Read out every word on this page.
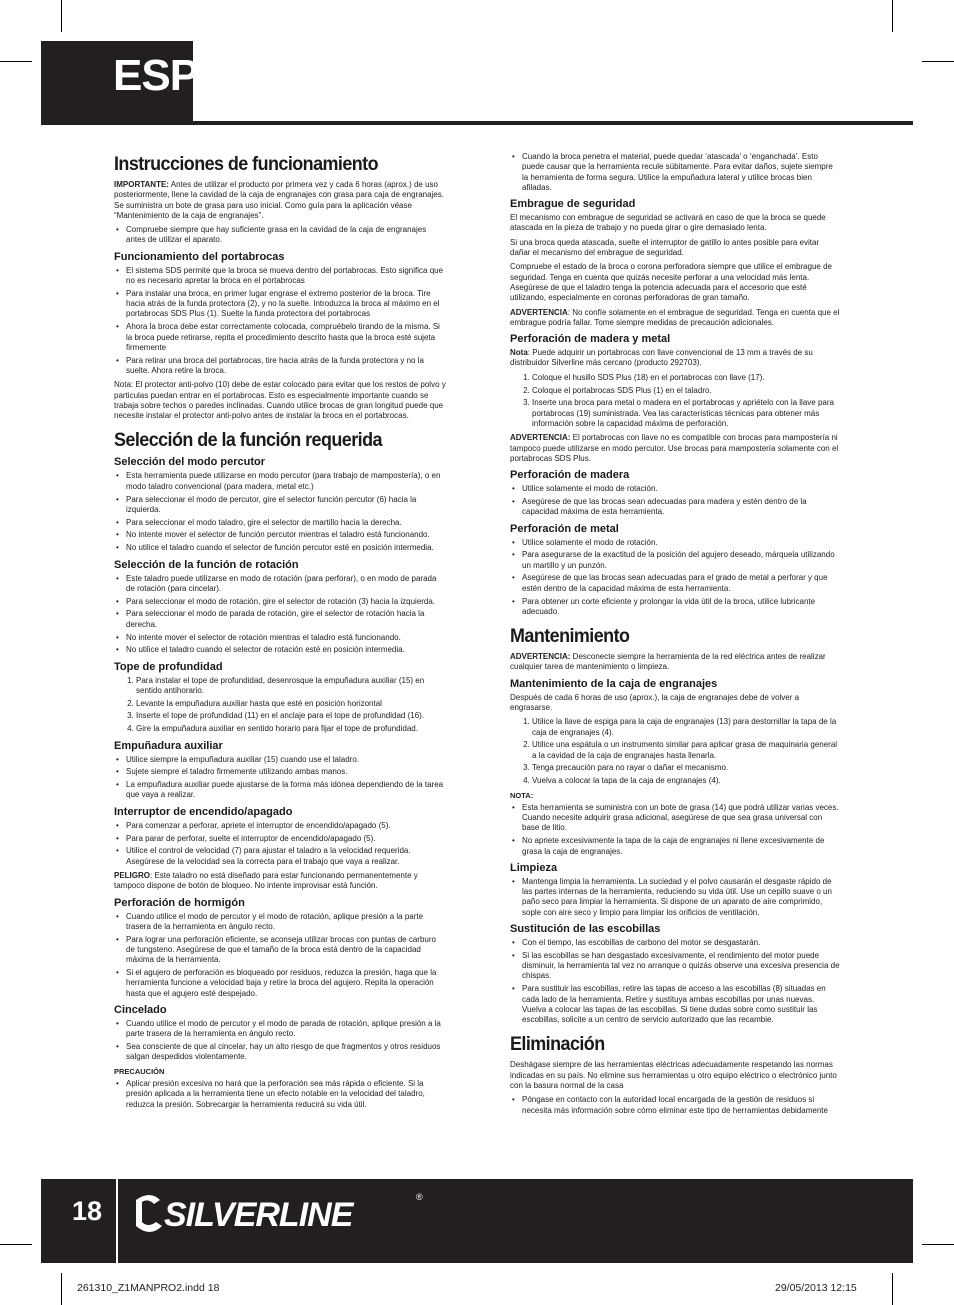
ESP
Instrucciones de funcionamiento

IMPORTANTE: Antes de utilizar el producto por primera vez y cada 6 horas (aprox.) de uso posteriormente, llene la cavidad de la caja de engranajes con grasa para caja de engranajes. Se suministra un bote de grasa para uso inicial. Como guía para la aplicación véase “Mantenimiento de la caja de engranajes”.

• Compruebe siempre que hay suficiente grasa en la cavidad de la caja de engranajes antes de utilizar el aparato.
Funcionamiento del portabrocas
• El sistema SDS permite que la broca se mueva dentro del portabrocas. Esto significa que no es necesario apretar la broca en el portabrocas
• Para instalar una broca, en primer lugar engrase el extremo posterior de la broca. Tire hacia atrás de la funda protectora (2), y no la suelte. Introduzca la broca al máximo en el portabrocas SDS Plus (1). Suelte la funda protectora del portabrocas
• Ahora la broca debe estar correctamente colocada, compruébelo tirando de la misma. Si la broca puede retirarse, repita el procedimiento descrito hasta que la broca esté sujeta firmemente
• Para retirar una broca del portabrocas, tire hacia atrás de la funda protectora y no la suelte. Ahora retire la broca.

Nota: El protector anti-polvo (10) debe de estar colocado para evitar que los restos de polvo y particulas puedan entrar en el portabrocas. Esto es especialmente importante cuando se trabaja sobre techos o paredes inclinadas. Cuando utilice brocas de gran longitud puede que necesite instalar el protector anti-polvo antes de instalar la broca en el portabrocas.

Selección de la función requerida
Selección del modo percutor
• Esta herramienta puede utilizarse en modo percutor (para trabajo de mampostería), o en modo taladro convencional (para madera, metal etc.)
• Para seleccionar el modo de percutor, gire el selector función percutor (6) hacia la izquierda.
• Para seleccionar el modo taladro, gire el selector de martillo hacia la derecha.
• No intente mover el selector de función percutor mientras el taladro está funcionando.
• No utilice el taladro cuando el selector de función percutor esté en posición intermedia.
Selección de la función de rotación
• Este taladro puede utilizarse en modo de rotación (para perforar), o en modo de parada de rotación (para cincelar).
• Para seleccionar el modo de rotación, gire el selector de rotación (3) hacia la izquierda.
• Para seleccionar el modo de parada de rotación, gire el selector de rotación hacia la derecha.
• No intente mover el selector de rotación mientras el taladro está funcionando.
• No utilice el taladro cuando el selector de rotación esté en posición intermedia.
Tope de profundidad
1. Para instalar el tope de profundidad, desenrosque la empuñadura auxiliar (15) en sentido antihorario.
2. Levante la empuñadura auxiliar hasta que esté en posición horizontal
3. Inserte el tope de profundidad (11) en el anclaje para el tope de profundidad (16).
4. Gire la empuñadura auxiliar en sentido horario para fijar el tope de profundidad.
Empuñadura auxiliar
• Utilice siempre la empuñadura auxiliar (15) cuando use el taladro.
• Sujete siempre el taladro firmemente utilizando ambas manos.
• La empuñadura auxiliar puede ajustarse de la forma más idónea dependiendo de la tarea que vaya a realizar.
Interruptor de encendido/apagado
• Para comenzar a perforar, apriete el interruptor de encendido/apagado (5).
• Para parar de perforar, suelte el interruptor de encendido/apagado (5).
• Utilice el control de velocidad (7) para ajustar el taladro a la velocidad requerida. Asegúrese de la velocidad sea la correcta para el trabajo que vaya a realizar.

PELIGRO: Este taladro no está diseñado para estar funcionando permanentemente y tampoco dispone de botón de bloqueo. No intente improvisar está función.

Perforación de hormigón
• Cuando utilice el modo de percutor y el modo de rotación, aplique presión a la parte trasera de la herramienta en ángulo recto.
• Para lograr una perforación eficiente, se aconseja utilizar brocas con puntas de carburo de tungsteno. Asegúrese de que el tamaño de la broca está dentro de la capacidad máxima de la herramienta.
• Si el agujero de perforación es bloqueado por residuos, reduzca la presión, haga que la herramienta funcione a velocidad baja y retire la broca del agujero. Repita la operación hasta que el agujero esté despejado.
Cincelado
• Cuando utilice el modo de percutor y el modo de parada de rotación, aplique presión a la parte trasera de la herramienta en ángulo recto.
• Sea consciente de que al cincelar, hay un alto riesgo de que fragmentos y otros residuos salgan despedidos violentamente.
PRECAUCIÓN
• Aplicar presión excesiva no hará que la perforación sea más rápida o eficiente. Si la presión aplicada a la herramienta tiene un efecto notable en la velocidad del taladro, reduzca la presión. Sobrecargar la herramienta reducirá su vida útil.
• Cuando la broca penetra el material, puede quedar ‘atascada’ o ‘enganchada’. Esto puede causar que la herramienta recule súbitamente. Para evitar daños, sujete siempre la herramienta de forma segura. Utilice la empuñadura lateral y utilice brocas bien afiladas.
Embrague de seguridad

El mecanismo con embrague de seguridad se activará en caso de que la broca se quede atascada en la pieza de trabajo y no pueda girar o gire demasiado lenta.

Si una broca queda atascada, suelte el interruptor de gatillo lo antes posible para evitar dañar el mecanismo del embrague de seguridad.

Compruebe el estado de la broca o corona perforadora siempre que utilice el embrague de seguridad. Tenga en cuenta que quizás necesite perforar a una velocidad más lenta. Asegúrese de que el taladro tenga la potencia adecuada para el accesorio que esté utilizando, especialmente en coronas perforadoras de gran tamaño.

ADVERTENCIA: No confíe solamente en el embrague de seguridad. Tenga en cuenta que el embrague podría fallar. Tome siempre medidas de precaución adicionales.

Perforación de madera y metal

Nota: Puede adquirir un portabrocas con llave convencional de 13 mm a través de su distribuidor Silverline más cercano (producto 292703).

1. Coloque el husillo SDS Plus (18) en el portabrocas con llave (17).
2. Coloque el portabrocas SDS Plus (1) en el taladro.
3. Inserte una broca para metal o madera en el portabrocas y apriételo con la llave para portabrocas (19) suministrada. Vea las características técnicas para obtener más información sobre la capacidad máxima de perforación.

ADVERTENCIA: El portabrocas con llave no es compatible con brocas para mampostería ni tampoco puede utilizarse en modo percutor. Use brocas para mampostería solamente con el portabrocas SDS Plus.

Perforación de madera
• Utilice solamente el modo de rotación.
• Asegúrese de que las brocas sean adecuadas para madera y estén dentro de la capacidad máxima de esta herramienta.
Perforación de metal
• Utilice solamente el modo de rotación.
• Para asegurarse de la exactitud de la posición del agujero deseado, márquela utilizando un martillo y un punzón.
• Asegúrese de que las brocas sean adecuadas para el grado de metal a perforar y que estén dentro de la capacidad máxima de esta herramienta.
• Para obtener un corte eficiente y prolongar la vida útil de la broca, utilice lubricante adecuado.
Mantenimiento

ADVERTENCIA: Desconecte siempre la herramienta de la red eléctrica antes de realizar cualquier tarea de mantenimiento o limpieza.

Mantenimiento de la caja de engranajes

Después de cada 6 horas de uso (aprox.), la caja de engranajes debe de volver a engrasarse.

1. Utilice la llave de espiga para la caja de engranajes (13) para destornillar la tapa de la caja de engranajes (4).
2. Utilice una espátula o un instrumento similar para aplicar grasa de maquinaria general a la cavidad de la caja de engranajes hasta llenarla.
3. Tenga precaución para no rayar o dañar el mecanismo.
4. Vuelva a colocar la tapa de la caja de engranajes (4).
NOTA:
• Esta herramienta se suministra con un bote de grasa (14) que podrá utilizar varias veces. Cuando necesite adquirir grasa adicional, asegúrese de que sea grasa universal con base de litio.
• No apriete excesivamente la tapa de la caja de engranajes ni llene excesivamente de grasa la caja de engranajes.
Limpieza
• Mantenga limpia la herramienta. La suciedad y el polvo causarán el desgaste rápido de las partes internas de la herramienta, reduciendo su vida útil. Use un cepillo suave o un paño seco para limpiar la herramienta. Si dispone de un aparato de aire comprimido, sople con aire seco y limpio para limpiar los orificios de ventilación.
Sustitución de las escobillas
• Con el tiempo, las escobillas de carbono del motor se desgastarán.
• Si las escobillas se han desgastado excesivamente, el rendimiento del motor puede disminuir, la herramienta tal vez no arranque o quizás observe una excesiva presencia de chispas.
• Para sustituir las escobillas, retire las tapas de acceso a las escobillas (8) situadas en cada lado de la herramienta. Retire y sustituya ambas escobillas por unas nuevas. Vuelva a colocar las tapas de las escobillas. Si tiene dudas sobre como sustituir las escobillas, solicite a un centro de servicio autorizado que las recambie.
Eliminación

Deshágase siempre de las herramientas eléctricas adecuadamente respetando las normas indicadas en su país. No elimine sus herramientas u otro equipo eléctrico o electrónico junto con la basura normal de la casa

• Póngase en contacto con la autoridad local encargada de la gestión de residuos si necesita más información sobre cómo eliminar este tipo de herramientas debidamente
18 SILVERLINE	®
261310_Z1MANPRO2.indd 18	29/05/2013 12:15
